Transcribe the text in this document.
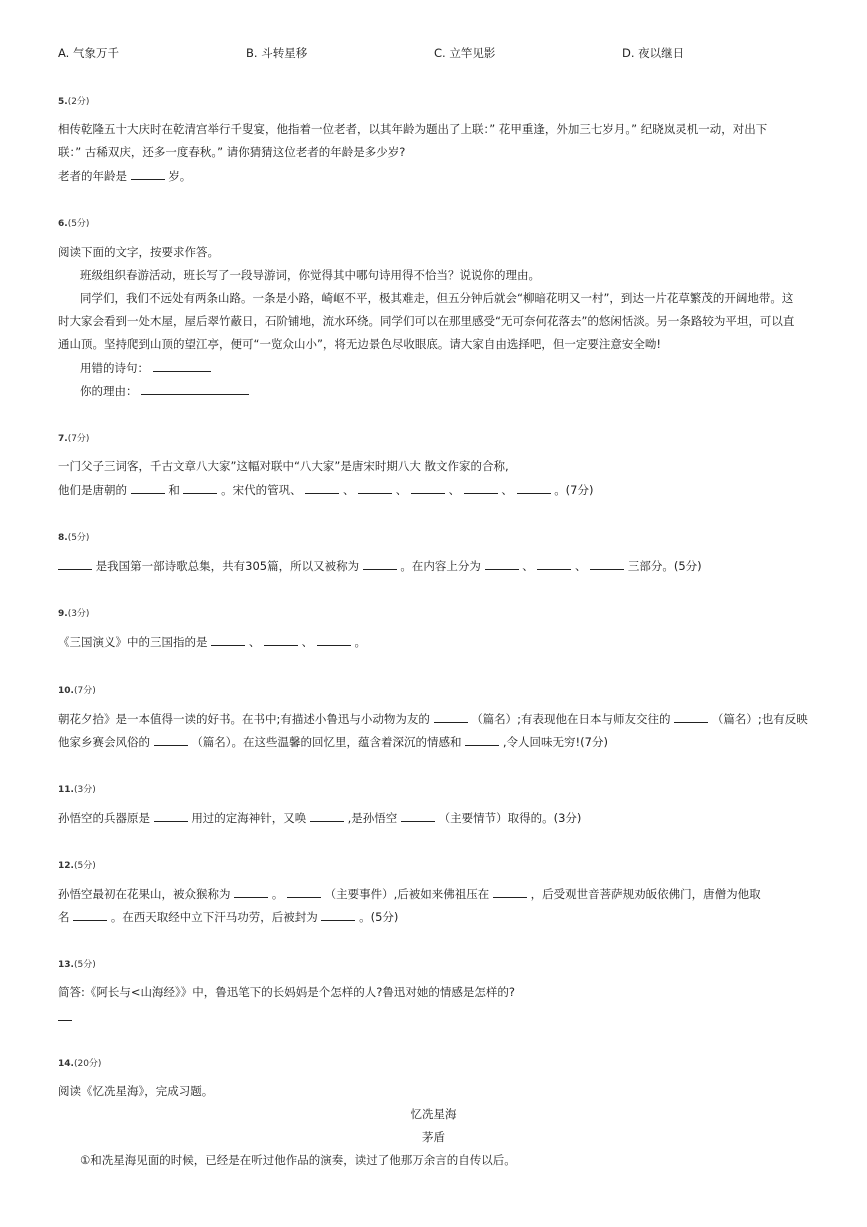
A. 气象万千	B. 斗转星移	C. 立竿见影	D. 夜以继日
5.(2分)
相传乾隆五十大庆时在乾清宫举行千叟宴，他指着一位老者，以其年龄为题出了上联：” 花甲重逢，外加三七岁月。” 纪晓岚灵机一动，对出下
联：” 古稀双庆，还多一度春秋。” 请你猜猜这位老者的年龄是多少岁?
老者的年龄是	岁。
6.(5分)
阅读下面的文字，按要求作答。
班级组织春游活动，班长写了一段导游词，你觉得其中哪句诗用得不恰当？说说你的理由。
同学们，我们不远处有两条山路。一条是小路，崎岖不平，极其难走，但五分钟后就会“柳暗花明又一村”，到达一片花草繁茂的开阔地带。这
时大家会看到一处木屋，屋后翠竹蔽日，石阶铺地，流水环绕。同学们可以在那里感受“无可奈何花落去”的悠闲恬淡。另一条路较为平坦，可以直
通山顶。坚持爬到山顶的望江亭，便可“一览众山小”，将无边景色尽收眼底。请大家自由选择吧，但一定要注意安全呦!
用错的诗句：
你的理由：
7.(7分)
一门父子三词客，千古文章八大家”这幅对联中“八大家”是唐宋时期八大 散文作家的合称,
他们是唐朝的	和	。宋代的管巩、	、	、	、	、	。(7分)
8.(5分)
是我国第一部诗歌总集，共有305篇，所以又被称为	。在内容上分为	、	、	三部分。(5分)
9.(3分)
《三国演义》中的三国指的是	、	、	。
10.(7分)
朝花夕拾》是一本值得一读的好书。在书中;有描述小鲁迅与小动物为友的	（篇名）;有表现他在日本与师友交往的	（篇名）;也有反映
他家乡赛会风俗的	（篇名）。在这些温馨的回忆里，蕴含着深沉的情感和	,令人回味无穷!(7分)
11.(3分)
孙悟空的兵器原是	用过的定海神针，又唤	,是孙悟空	（主要情节）取得的。(3分)
12.(5分)
孙悟空最初在花果山，被众猴称为	。	（主要事件）,后被如来佛祖压在	，后受观世音菩萨规劝皈依佛门，唐僧为他取
名	。在西天取经中立下汗马功劳，后被封为	。(5分)
13.(5分)
简答:《阿长与<山海经》》中，鲁迅笔下的长妈妈是个怎样的人?鲁迅对她的情感是怎样的?
14.(20分)
阅读《忆冼星海》，完成习题。
忆冼星海
茅盾
①和冼星海见面的时候，已经是在听过他作品的演奏，读过了他那万余言的自传以后。
